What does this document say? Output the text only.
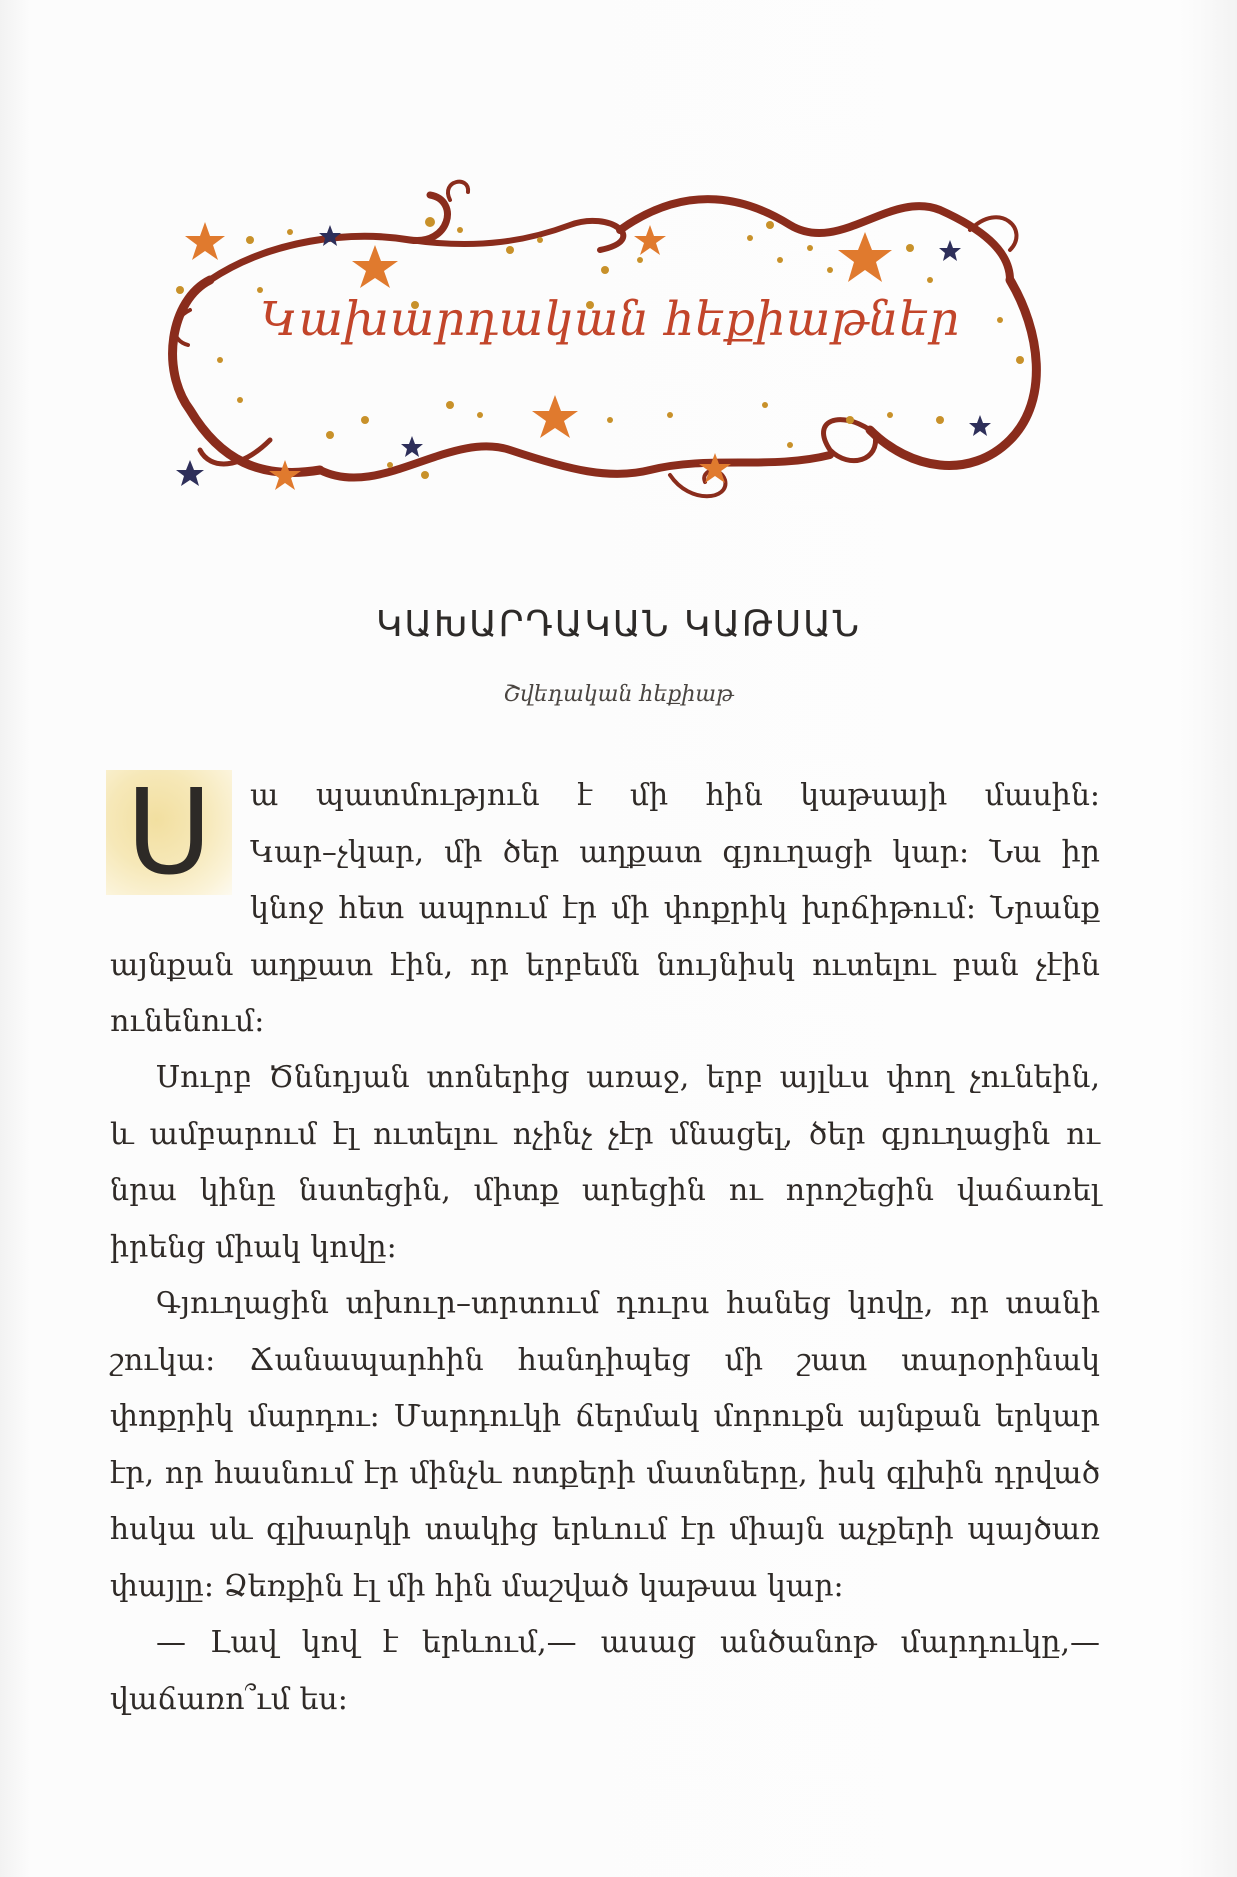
Կախարդական հեքիաթներ
ԿԱԽԱՐԴԱԿԱՆ ԿԱԹՍԱՆ
Շվեդական հեքիաթ
Ս	ա պատմություն է մի հին կաթսայի մասին:
Կար–չկար, մի ծեր աղքատ գյուղացի կար: Նա իր
կնոջ հետ ապրում էր մի փոքրիկ խրճիթում: Նրանք
այնքան աղքատ էին, որ երբեմն նույնիսկ ուտելու բան չէին
ունենում:
Սուրբ Ծննդյան տոներից առաջ, երբ այլևս փող չունեին,
և ամբարում էլ ուտելու ոչինչ չէր մնացել, ծեր գյուղացին ու
նրա կինը նստեցին, միտք արեցին ու որոշեցին վաճառել
իրենց միակ կովը:
Գյուղացին տխուր–տրտում դուրս հանեց կովը, որ տանի
շուկա: Ճանապարհին հանդիպեց մի շատ տարօրինակ
փոքրիկ մարդու: Մարդուկի ճերմակ մորուքն այնքան երկար
էր, որ հասնում էր մինչև ոտքերի մատները, իսկ գլխին դրված
հսկա սև գլխարկի տակից երևում էր միայն աչքերի պայծառ
փայլը: Ձեռքին էլ մի հին մաշված կաթսա կար:
— Լավ կով է երևում,— ասաց անծանոթ մարդուկը,—
վաճառո՞ւմ ես:
